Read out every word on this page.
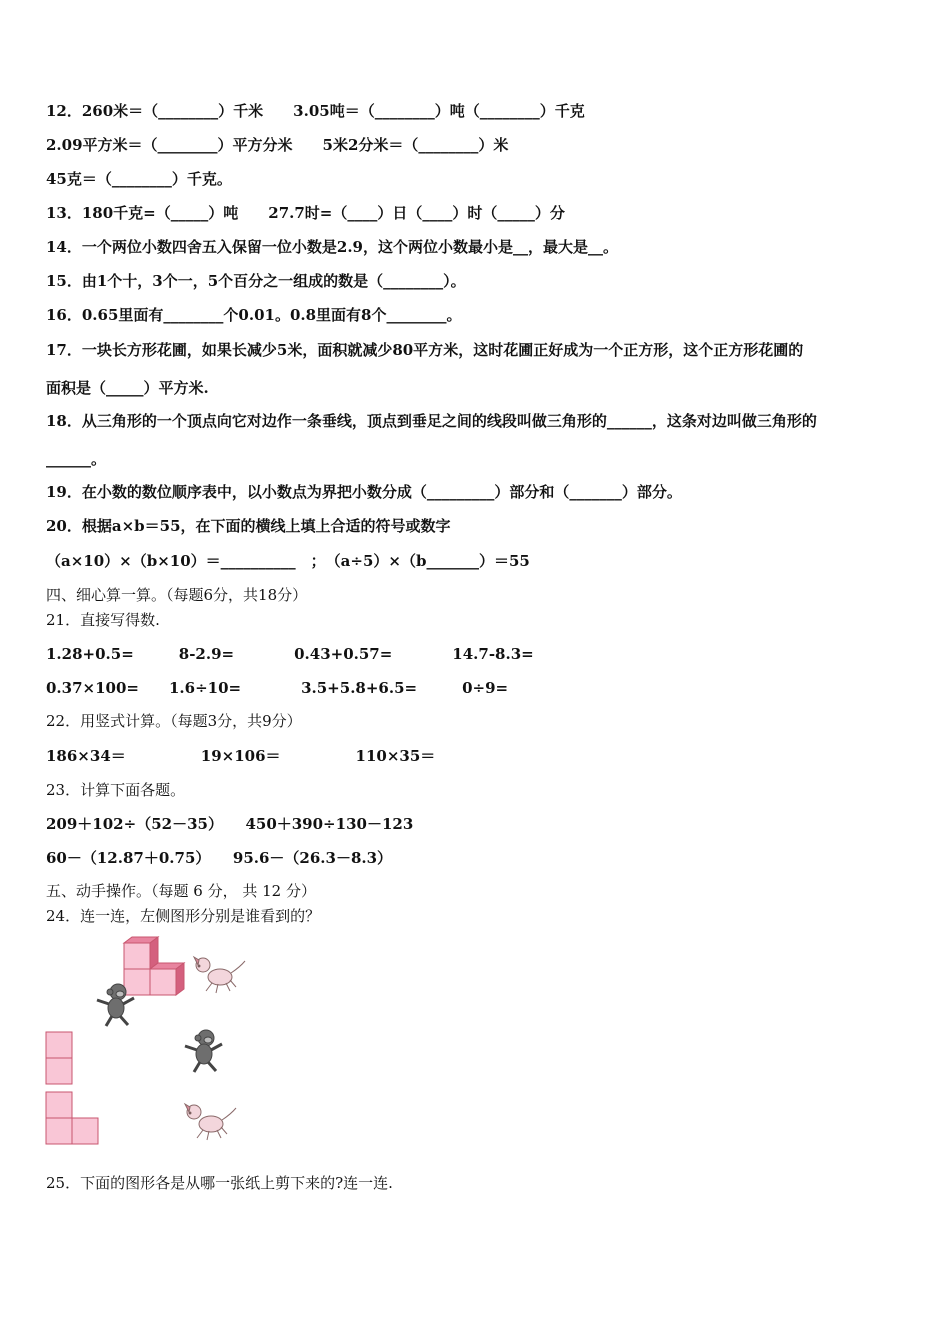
12．260米＝（________）千米　　3.05吨＝（________）吨（________）千克
2.09平方米＝（________）平方分米　　5米2分米＝（________）米
45克＝（________）千克。
13．180千克=（_____）吨　　27.7时=（____）日（____）时（_____）分
14．一个两位小数四舍五入保留一位小数是2.9，这个两位小数最小是__，最大是__。
15．由1个十，3个一，5个百分之一组成的数是（________）。
16．0.65里面有________个0.01。0.8里面有8个________。
17．一块长方形花圃，如果长减少5米，面积就减少80平方米，这时花圃正好成为一个正方形，这个正方形花圃的
面积是（_____）平方米.
18．从三角形的一个顶点向它对边作一条垂线，顶点到垂足之间的线段叫做三角形的______，这条对边叫做三角形的
______。
19．在小数的数位顺序表中，以小数点为界把小数分成（_________）部分和（_______）部分。
20．根据a×b＝55，在下面的横线上填上合适的符号或数字
（a×10）×（b×10）＝__________　；　（a÷5）×（b_______）＝55
四、细心算一算。（每题6分，共18分）
21．直接写得数.
1.28+0.5=　　　8-2.9=　　　　0.43+0.57=　　　　14.7-8.3=
0.37×100=　　1.6÷10=　　　　3.5+5.8+6.5=　　　0÷9=
22．用竖式计算。（每题3分，共9分）
186×34＝　　　　　19×106＝　　　　　110×35＝
23．计算下面各题。
209＋102÷（52－35）　　450＋390÷130－123
60－（12.87＋0.75）　　95.6－（26.3－8.3）
五、动手操作。（每题 6 分， 共 12 分）
24．连一连，左侧图形分别是谁看到的？
25．下面的图形各是从哪一张纸上剪下来的?连一连.
